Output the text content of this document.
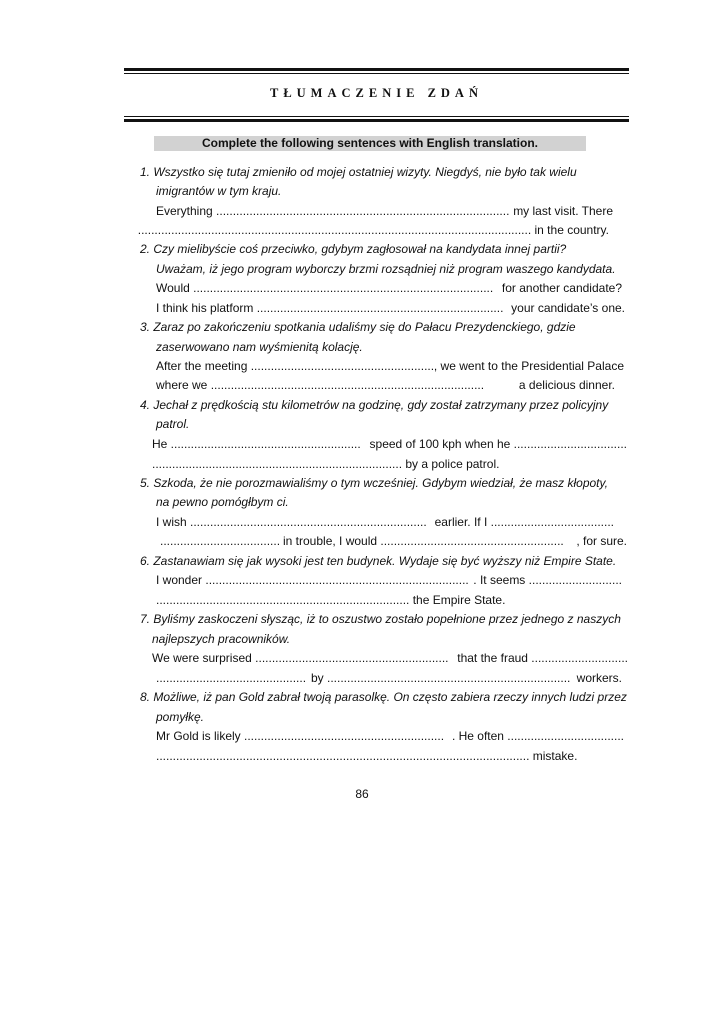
TŁUMACZENIE ZDAŃ
Complete the following sentences with English translation.
1. Wszystko się tutaj zmieniło od mojej ostatniej wizyty. Niegdyś, nie było tak wielu
imigrantów w tym kraju.
Everything ........................................................................................ my last visit. There
...................................................................................................................... in the country.
2. Czy mielibyście coś przeciwko, gdybym zagłosował na kandydata innej partii?
Uważam, iż jego program wyborczy brzmi rozsądniej niż program waszego kandydata.
Would .......................................................................................... for another candidate?
I think his platform .......................................................................... your candidate’s one.
3. Zaraz po zakończeniu spotkania udaliśmy się do Pałacu Prezydenckiego, gdzie
zaserwowano nam wyśmienitą kolację.
After the meeting ....................................................... , we went to the Presidential Palace
where we ..................................................................................	a delicious dinner.
4. Jechał z prędkością stu kilometrów na godzinę, gdy został zatrzymany przez policyjny
patrol.
He ......................................................... speed of 100 kph when he ..................................
........................................................................... by a police patrol.
5. Szkoda, że nie porozmawialiśmy o tym wcześniej. Gdybym wiedział, że masz kłopoty,
na pewno pomógłbym ci.
I wish ....................................................................... earlier. If I .....................................
.................................... in trouble, I would ....................................................... , for sure.
6. Zastanawiam się jak wysoki jest ten budynek. Wydaje się być wyższy niż Empire State.
I wonder ............................................................................... . It seems ............................
............................................................................ the Empire State.
7. Byliśmy zaskoczeni słysząc, iż to oszustwo zostało popełnione przez jednego z naszych
najlepszych pracowników.
We were surprised .......................................................... that the fraud .............................
............................................. by ......................................................................... workers.
8. Możliwe, iż pan Gold zabrał twoją parasolkę. On często zabiera rzeczy innych ludzi przez
pomyłkę.
Mr Gold is likely ............................................................ . He often ...................................
................................................................................................................ mistake.
86
